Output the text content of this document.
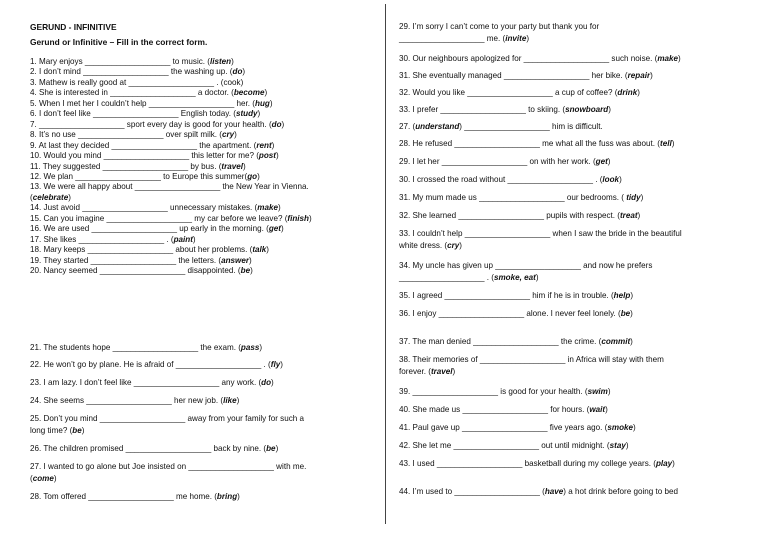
GERUND - INFINITIVE
Gerund or Infinitive – Fill in the correct form.
1. Mary enjoys ___________________ to music. (listen)
2. I don’t mind ___________________ the washing up. (do)
3. Mathew is really good at ___________________ . (cook)
4. She is interested in ___________________ a doctor. (become)
5. When I met her I couldn’t help ___________________ her. (hug)
6. I don’t feel like ___________________ English today. (study)
7. ___________________ sport every day is good for your health. (do)
8. It’s no use ___________________ over spilt milk. (cry)
9. At last they decided ___________________ the apartment. (rent)
10. Would you mind ___________________ this letter for me? (post)
11. They suggested ___________________ by bus. (travel)
12. We plan ___________________ to Europe this summer(go)
13. We were all happy about ___________________ the New Year in Vienna.
(celebrate)
14. Just avoid ___________________ unnecessary mistakes. (make)
15. Can you imagine ___________________ my car before we leave? (finish)
16. We are used ___________________ up early in the morning. (get)
17. She likes ___________________ . (paint)
18. Mary keeps ___________________ about her problems. (talk)
19. They started ___________________ the letters. (answer)
20. Nancy seemed ___________________ disappointed. (be)
21. The students hope ___________________ the exam. (pass)
22. He won’t go by plane. He is afraid of ___________________ . (fly)
23. I am lazy. I don’t feel like ___________________ any work. (do)
24. She seems ___________________ her new job. (like)
25. Don’t you mind ___________________ away from your family for such a
long time? (be)
26. The children promised ___________________ back by nine. (be)
27. I wanted to go alone but Joe insisted on ___________________ with me.
(come)
28. Tom offered ___________________ me home. (bring)
29. I’m sorry I can’t come to your party but thank you for
___________________ me. (invite)
30. Our neighbours apologized for ___________________ such noise. (make)
31. She eventually managed ___________________ her bike. (repair)
32. Would you like ___________________ a cup of coffee? (drink)
33. I prefer ___________________ to skiing. (snowboard)
27. (understand) ___________________ him is difficult.
28. He refused ___________________ me what all the fuss was about. (tell)
29. I let her ___________________ on with her work. (get)
30. I crossed the road without ___________________ . (look)
31. My mum made us ___________________ our bedrooms. ( tidy)
32. She learned ___________________ pupils with respect. (treat)
33. I couldn’t help ___________________ when I saw the bride in the beautiful
white dress. (cry)
34. My uncle has given up ___________________ and now he prefers
___________________ . (smoke, eat)
35. I agreed ___________________ him if he is in trouble. (help)
36. I enjoy ___________________ alone. I never feel lonely. (be)
37. The man denied ___________________ the crime. (commit)
38. Their memories of ___________________ in Africa will stay with them
forever. (travel)
39. ___________________ is good for your health. (swim)
40. She made us ___________________ for hours. (wait)
41. Paul gave up ___________________ five years ago. (smoke)
42. She let me ___________________ out until midnight. (stay)
43. I used ___________________ basketball during my college years. (play)
44. I’m used to ___________________ (have) a hot drink before going to bed
